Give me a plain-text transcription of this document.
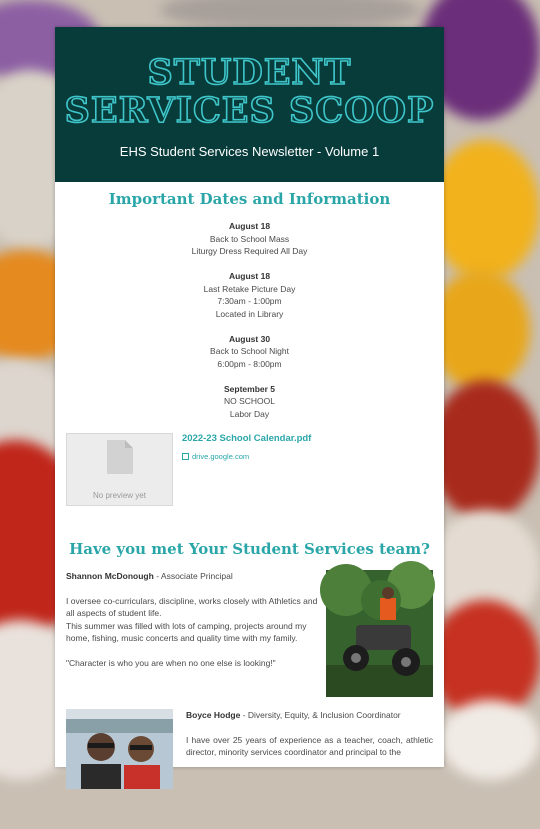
STUDENT
SERVICES SCOOP
EHS Student Services Newsletter - Volume 1
Important Dates and Information
August 18
Back to School Mass
Liturgy Dress Required All Day
August 18
Last Retake Picture Day
7:30am - 1:00pm
Located in Library
August 30
Back to School Night
6:00pm - 8:00pm
September 5
NO SCHOOL
Labor Day
No preview yet
2022-23 School Calendar.pdf
drive.google.com
Have you met Your Student Services team?
Shannon McDonough - Associate Principal
I oversee co-curriculars, discipline, works closely with Athletics and all aspects of student life.
This summer was filled with lots of camping, projects around my home, fishing, music concerts and quality time with my family.
"Character is who you are when no one else is looking!"
Boyce Hodge - Diversity, Equity, & Inclusion Coordinator
I have over 25 years of experience as a teacher, coach, athletic director, minority services coordinator and principal to the
